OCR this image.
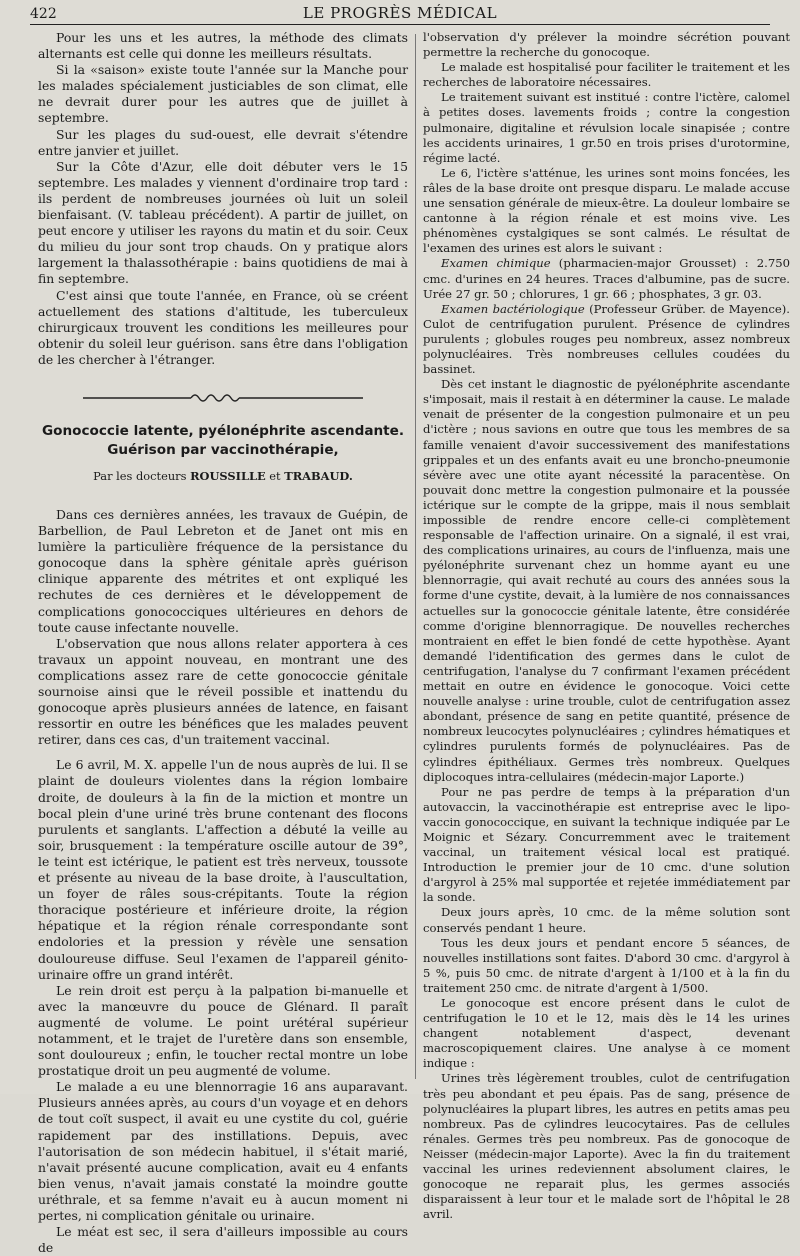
422	LE PROGRÈS MÉDICAL

Pour les uns et les autres, la méthode des climats alternants est celle qui donne les meilleurs résultats.

Si la «saison» existe toute l'année sur la Manche pour les malades spécialement justiciables de son climat, elle ne devrait durer pour les autres que de juillet à septembre.

Sur les plages du sud-ouest, elle devrait s'étendre entre janvier et juillet.

Sur la Côte d'Azur, elle doit débuter vers le 15 septembre. Les malades y viennent d'ordinaire trop tard : ils perdent de nombreuses journées où luit un soleil bienfaisant. (V. tableau précédent). A partir de juillet, on peut encore y utiliser les rayons du matin et du soir. Ceux du milieu du jour sont trop chauds. On y pratique alors largement la thalassothérapie : bains quotidiens de mai à fin septembre.

C'est ainsi que toute l'année, en France, où se créent actuellement des stations d'altitude, les tuberculeux chirurgicaux trouvent les conditions les meilleures pour obtenir du soleil leur guérison. sans être dans l'obligation de les chercher à l'étranger.

Gonococcie latente, pyélonéphrite ascendante.
Guérison par vaccinothérapie,
Par les docteurs ROUSSILLE et TRABAUD.

Dans ces dernières années, les travaux de Guépin, de Barbellion, de Paul Lebreton et de Janet ont mis en lumière la particulière fréquence de la persistance du gonocoque dans la sphère génitale après guérison clinique apparente des métrites et ont expliqué les rechutes de ces dernières et le développement de complications gonococciques ultérieures en dehors de toute cause infectante nouvelle.

L'observation que nous allons relater apportera à ces travaux un appoint nouveau, en montrant une des complications assez rare de cette gonococcie génitale sournoise ainsi que le réveil possible et inattendu du gonocoque après plusieurs années de latence, en faisant ressortir en outre les bénéfices que les malades peuvent retirer, dans ces cas, d'un traitement vaccinal.

Le 6 avril, M. X. appelle l'un de nous auprès de lui. Il se plaint de douleurs violentes dans la région lombaire droite, de douleurs à la fin de la miction et montre un bocal plein d'une uriné très brune contenant des flocons purulents et sanglants. L'affection a débuté la veille au soir, brusquement : la température oscille autour de 39°, le teint est ictérique, le patient est très nerveux, toussote et présente au niveau de la base droite, à l'auscultation, un foyer de râles sous-crépitants. Toute la région thoracique postérieure et inférieure droite, la région hépatique et la région rénale correspondante sont endolories et la pression y révèle une sensation douloureuse diffuse. Seul l'examen de l'appareil génito-urinaire offre un grand intérêt.

Le rein droit est perçu à la palpation bi-manuelle et avec la manœuvre du pouce de Glénard. Il paraît augmenté de volume. Le point urétéral supérieur notamment, et le trajet de l'uretère dans son ensemble, sont douloureux ; enfin, le toucher rectal montre un lobe prostatique droit un peu augmenté de volume.

Le malade a eu une blennorragie 16 ans auparavant. Plusieurs années après, au cours d'un voyage et en dehors de tout coït suspect, il avait eu une cystite du col, guérie rapidement par des instillations. Depuis, avec l'autorisation de son médecin habituel, il s'était marié, n'avait présenté aucune complication, avait eu 4 enfants bien venus, n'avait jamais constaté la moindre goutte uréthrale, et sa femme n'avait eu à aucun moment ni pertes, ni complication génitale ou urinaire.

Le méat est sec, il sera d'ailleurs impossible au cours de

l'observation d'y prélever la moindre sécrétion pouvant permettre la recherche du gonocoque.

Le malade est hospitalisé pour faciliter le traitement et les recherches de laboratoire nécessaires.

Le traitement suivant est institué : contre l'ictère, calomel à petites doses. lavements froids ; contre la congestion pulmonaire, digitaline et révulsion locale sinapisée ; contre les accidents urinaires, 1 gr.50 en trois prises d'urotormine, régime lacté.

Le 6, l'ictère s'atténue, les urines sont moins foncées, les râles de la base droite ont presque disparu. Le malade accuse une sensation générale de mieux-être. La douleur lombaire se cantonne à la région rénale et est moins vive. Les phénomènes cystalgiques se sont calmés. Le résultat de l'examen des urines est alors le suivant :

Examen chimique (pharmacien-major Grousset) : 2.750 cmc. d'urines en 24 heures. Traces d'albumine, pas de sucre. Urée 27 gr. 50 ; chlorures, 1 gr. 66 ; phosphates, 3 gr. 03.

Examen bactériologique (Professeur Grüber. de Mayence). Culot de centrifugation purulent. Présence de cylindres purulents ; globules rouges peu nombreux, assez nombreux polynucléaires. Très nombreuses cellules coudées du bassinet.

Dès cet instant le diagnostic de pyélonéphrite ascendante s'imposait, mais il restait à en déterminer la cause. Le malade venait de présenter de la congestion pulmonaire et un peu d'ictère ; nous savions en outre que tous les membres de sa famille venaient d'avoir successivement des manifestations grippales et un des enfants avait eu une broncho-pneumonie sévère avec une otite ayant nécessité la paracentèse. On pouvait donc mettre la congestion pulmonaire et la poussée ictérique sur le compte de la grippe, mais il nous semblait impossible de rendre encore celle-ci complètement responsable de l'affection urinaire. On a signalé, il est vrai, des complications urinaires, au cours de l'influenza, mais une pyélonéphrite survenant chez un homme ayant eu une blennorragie, qui avait rechuté au cours des années sous la forme d'une cystite, devait, à la lumière de nos connaissances actuelles sur la gonococcie génitale latente, être considérée comme d'origine blennorragique. De nouvelles recherches montraient en effet le bien fondé de cette hypothèse. Ayant demandé l'identification des germes dans le culot de centrifugation, l'analyse du 7 confirmant l'examen précédent mettait en outre en évidence le gonocoque. Voici cette nouvelle analyse : urine trouble, culot de centrifugation assez abondant, présence de sang en petite quantité, présence de nombreux leucocytes polynucléaires ; cylindres hématiques et cylindres purulents formés de polynucléaires. Pas de cylindres épithéliaux. Germes très nombreux. Quelques diplocoques intra-cellulaires (médecin-major Laporte.)

Pour ne pas perdre de temps à la préparation d'un autovaccin, la vaccinothérapie est entreprise avec le lipo-vaccin gonococcique, en suivant la technique indiquée par Le Moignic et Sézary. Concurremment avec le traitement vaccinal, un traitement vésical local est pratiqué. Introduction le premier jour de 10 cmc. d'une solution d'argyrol à 25% mal supportée et rejetée immédiatement par la sonde.

Deux jours après, 10 cmc. de la même solution sont conservés pendant 1 heure.

Tous les deux jours et pendant encore 5 séances, de nouvelles instillations sont faites. D'abord 30 cmc. d'argyrol à 5 %, puis 50 cmc. de nitrate d'argent à 1/100 et à la fin du traitement 250 cmc. de nitrate d'argent à 1/500.

Le gonocoque est encore présent dans le culot de centrifugation le 10 et le 12, mais dès le 14 les urines changent notablement d'aspect, devenant macroscopiquement claires. Une analyse à ce moment indique :

Urines très légèrement troubles, culot de centrifugation très peu abondant et peu épais. Pas de sang, présence de polynucléaires la plupart libres, les autres en petits amas peu nombreux. Pas de cylindres leucocytaires. Pas de cellules rénales. Germes très peu nombreux. Pas de gonocoque de Neisser (médecin-major Laporte). Avec la fin du traitement vaccinal les urines redeviennent absolument claires, le gonocoque ne reparait plus, les germes associés disparaissent à leur tour et le malade sort de l'hôpital le 28 avril.
